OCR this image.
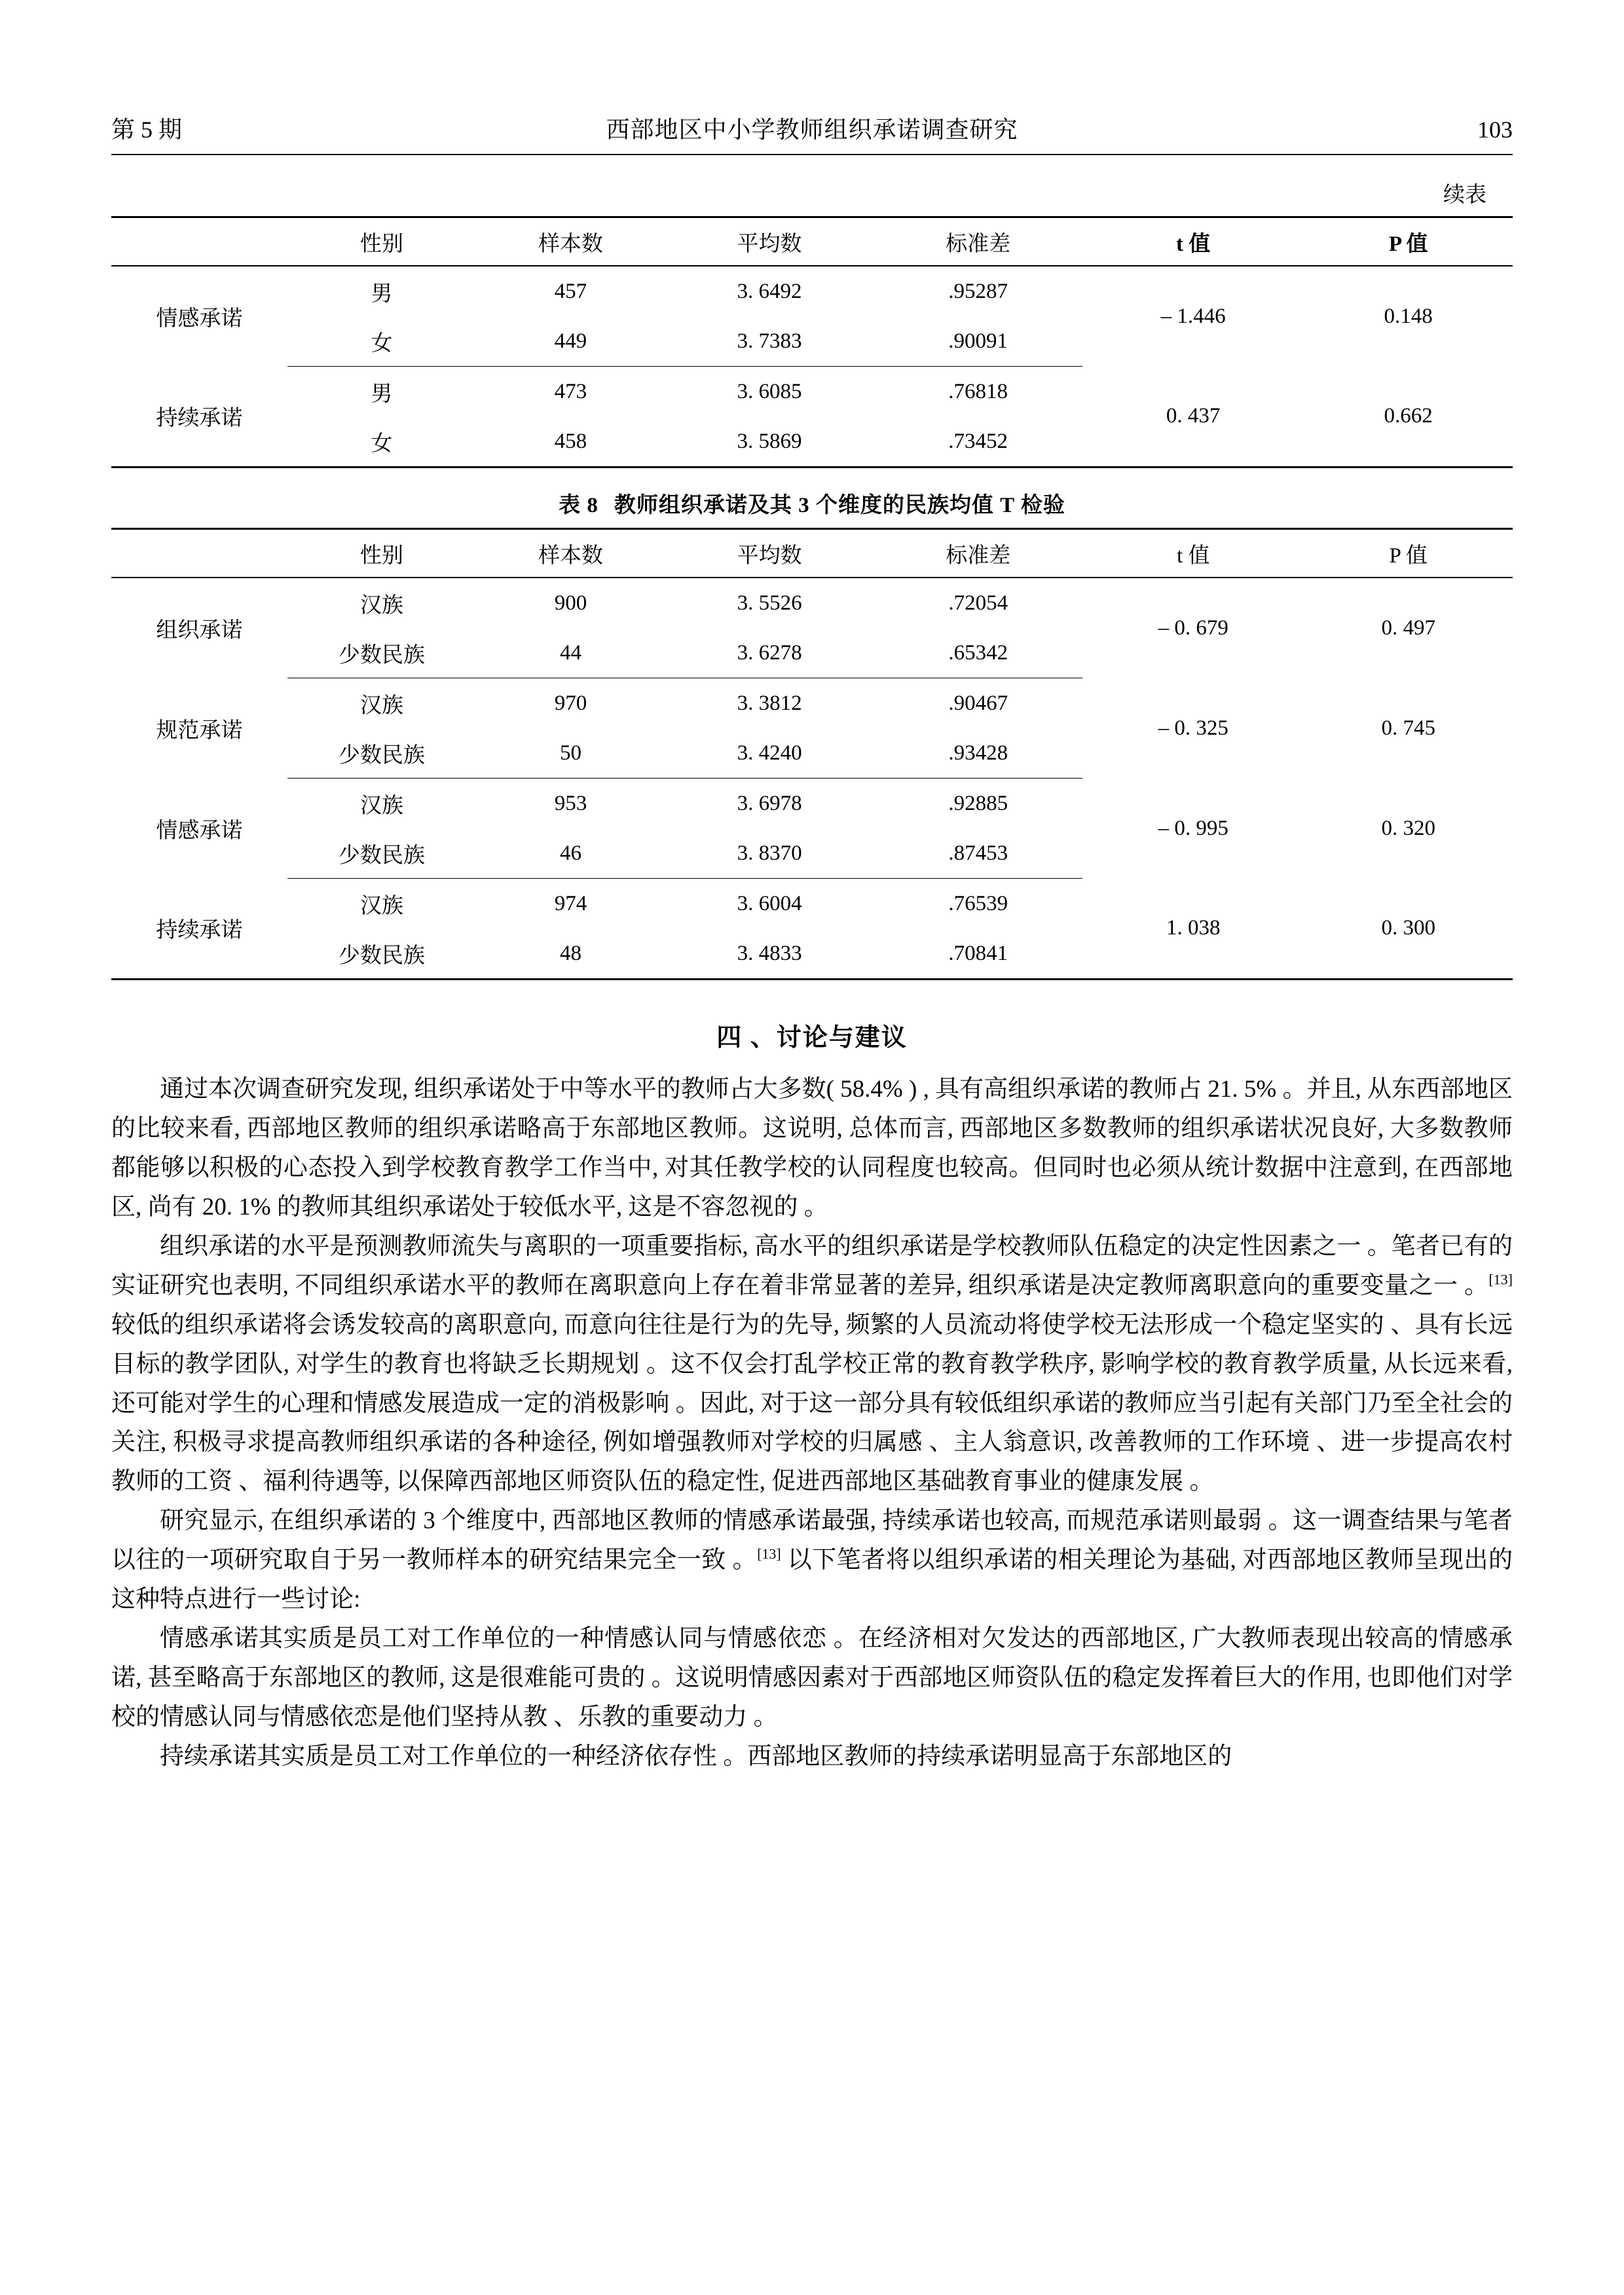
第 5 期	西部地区中小学教师组织承诺调查研究	103
续表
	性别	样本数	平均数	标准差	t 值	P 值
情感承诺	男	457	3. 6492	.95287	– 1.446	0.148
	女	449	3. 7383	.90091		
持续承诺	男	473	3. 6085	.76818	0. 437	0.662
	女	458	3. 5869	.73452		
表 8 教师组织承诺及其 3 个维度的民族均值 T 检验
	性别	样本数	平均数	标准差	t 值	P 值
组织承诺	汉族	900	3. 5526	.72054	– 0. 679	0. 497
	少数民族	44	3. 6278	.65342		
规范承诺	汉族	970	3. 3812	.90467	– 0. 325	0. 745
	少数民族	50	3. 4240	.93428		
情感承诺	汉族	953	3. 6978	.92885	– 0. 995	0. 320
	少数民族	46	3. 8370	.87453		
持续承诺	汉族	974	3. 6004	.76539	1. 038	0. 300
	少数民族	48	3. 4833	.70841		
四 、讨论与建议

通过本次调查研究发现, 组织承诺处于中等水平的教师占大多数( 58.4% ) , 具有高组织承诺的教师占 21. 5% 。并且, 从东西部地区的比较来看, 西部地区教师的组织承诺略高于东部地区教师。这说明, 总体而言, 西部地区多数教师的组织承诺状况良好, 大多数教师都能够以积极的心态投入到学校教育教学工作当中, 对其任教学校的认同程度也较高。但同时也必须从统计数据中注意到, 在西部地区, 尚有 20. 1% 的教师其组织承诺处于较低水平, 这是不容忽视的 。

组织承诺的水平是预测教师流失与离职的一项重要指标, 高水平的组织承诺是学校教师队伍稳定的决定性因素之一 。笔者已有的实证研究也表明, 不同组织承诺水平的教师在离职意向上存在着非常显著的差异, 组织承诺是决定教师离职意向的重要变量之一 。[13] 较低的组织承诺将会诱发较高的离职意向, 而意向往往是行为的先导, 频繁的人员流动将使学校无法形成一个稳定坚实的 、具有长远目标的教学团队, 对学生的教育也将缺乏长期规划 。这不仅会打乱学校正常的教育教学秩序, 影响学校的教育教学质量, 从长远来看, 还可能对学生的心理和情感发展造成一定的消极影响 。因此, 对于这一部分具有较低组织承诺的教师应当引起有关部门乃至全社会的关注, 积极寻求提高教师组织承诺的各种途径, 例如增强教师对学校的归属感 、主人翁意识, 改善教师的工作环境 、进一步提高农村教师的工资 、福利待遇等, 以保障西部地区师资队伍的稳定性, 促进西部地区基础教育事业的健康发展 。

研究显示, 在组织承诺的 3 个维度中, 西部地区教师的情感承诺最强, 持续承诺也较高, 而规范承诺则最弱 。这一调查结果与笔者以往的一项研究取自于另一教师样本的研究结果完全一致 。[13] 以下笔者将以组织承诺的相关理论为基础, 对西部地区教师呈现出的这种特点进行一些讨论:

情感承诺其实质是员工对工作单位的一种情感认同与情感依恋 。在经济相对欠发达的西部地区, 广大教师表现出较高的情感承诺, 甚至略高于东部地区的教师, 这是很难能可贵的 。这说明情感因素对于西部地区师资队伍的稳定发挥着巨大的作用, 也即他们对学校的情感认同与情感依恋是他们坚持从教 、乐教的重要动力 。

持续承诺其实质是员工对工作单位的一种经济依存性 。西部地区教师的持续承诺明显高于东部地区的
